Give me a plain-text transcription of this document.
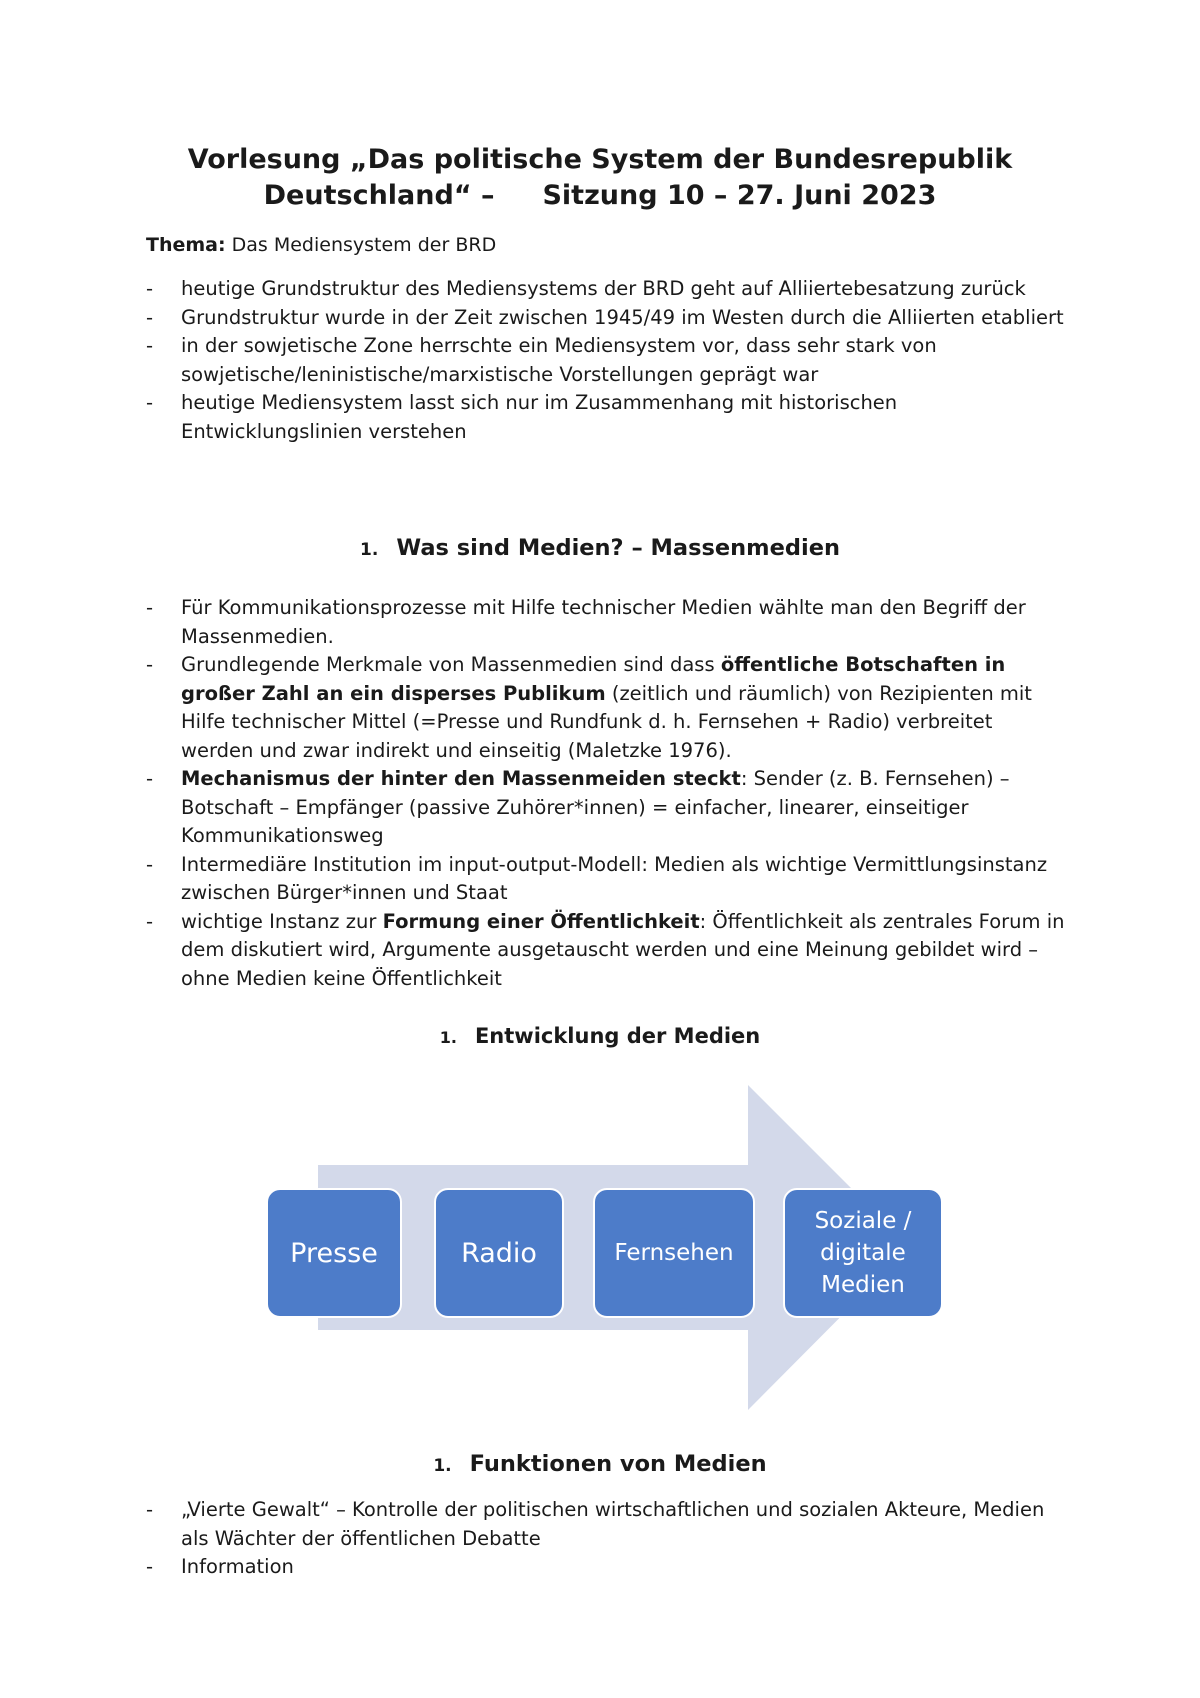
Vorlesung „Das politische System der Bundesrepublik
Deutschland“ – Sitzung 10 – 27. Juni 2023
Thema: Das Mediensystem der BRD
- heutige Grundstruktur des Mediensystems der BRD geht auf Alliiertebesatzung zurück
- Grundstruktur wurde in der Zeit zwischen 1945/49 im Westen durch die Alliierten etabliert
- in der sowjetische Zone herrschte ein Mediensystem vor, dass sehr stark von sowjetische/leninistische/marxistische Vorstellungen geprägt war
- heutige Mediensystem lasst sich nur im Zusammenhang mit historischen Entwicklungslinien verstehen
1. Was sind Medien? – Massenmedien
- Für Kommunikationsprozesse mit Hilfe technischer Medien wählte man den Begriff der Massenmedien.
- Grundlegende Merkmale von Massenmedien sind dass öffentliche Botschaften in großer Zahl an ein disperses Publikum (zeitlich und räumlich) von Rezipienten mit Hilfe technischer Mittel (=Presse und Rundfunk d. h. Fernsehen + Radio) verbreitet werden und zwar indirekt und einseitig (Maletzke 1976).
- Mechanismus der hinter den Massenmeiden steckt: Sender (z. B. Fernsehen) – Botschaft – Empfänger (passive Zuhörer*innen) = einfacher, linearer, einseitiger Kommunikationsweg
- Intermediäre Institution im input-output-Modell: Medien als wichtige Vermittlungsinstanz zwischen Bürger*innen und Staat
- wichtige Instanz zur Formung einer Öffentlichkeit: Öffentlichkeit als zentrales Forum in dem diskutiert wird, Argumente ausgetauscht werden und eine Meinung gebildet wird – ohne Medien keine Öffentlichkeit
1. Entwicklung der Medien
Presse	Radio	Fernsehen
Soziale /
digitale
Medien
1. Funktionen von Medien
- „Vierte Gewalt“ – Kontrolle der politischen wirtschaftlichen und sozialen Akteure, Medien als Wächter der öffentlichen Debatte
- Information
